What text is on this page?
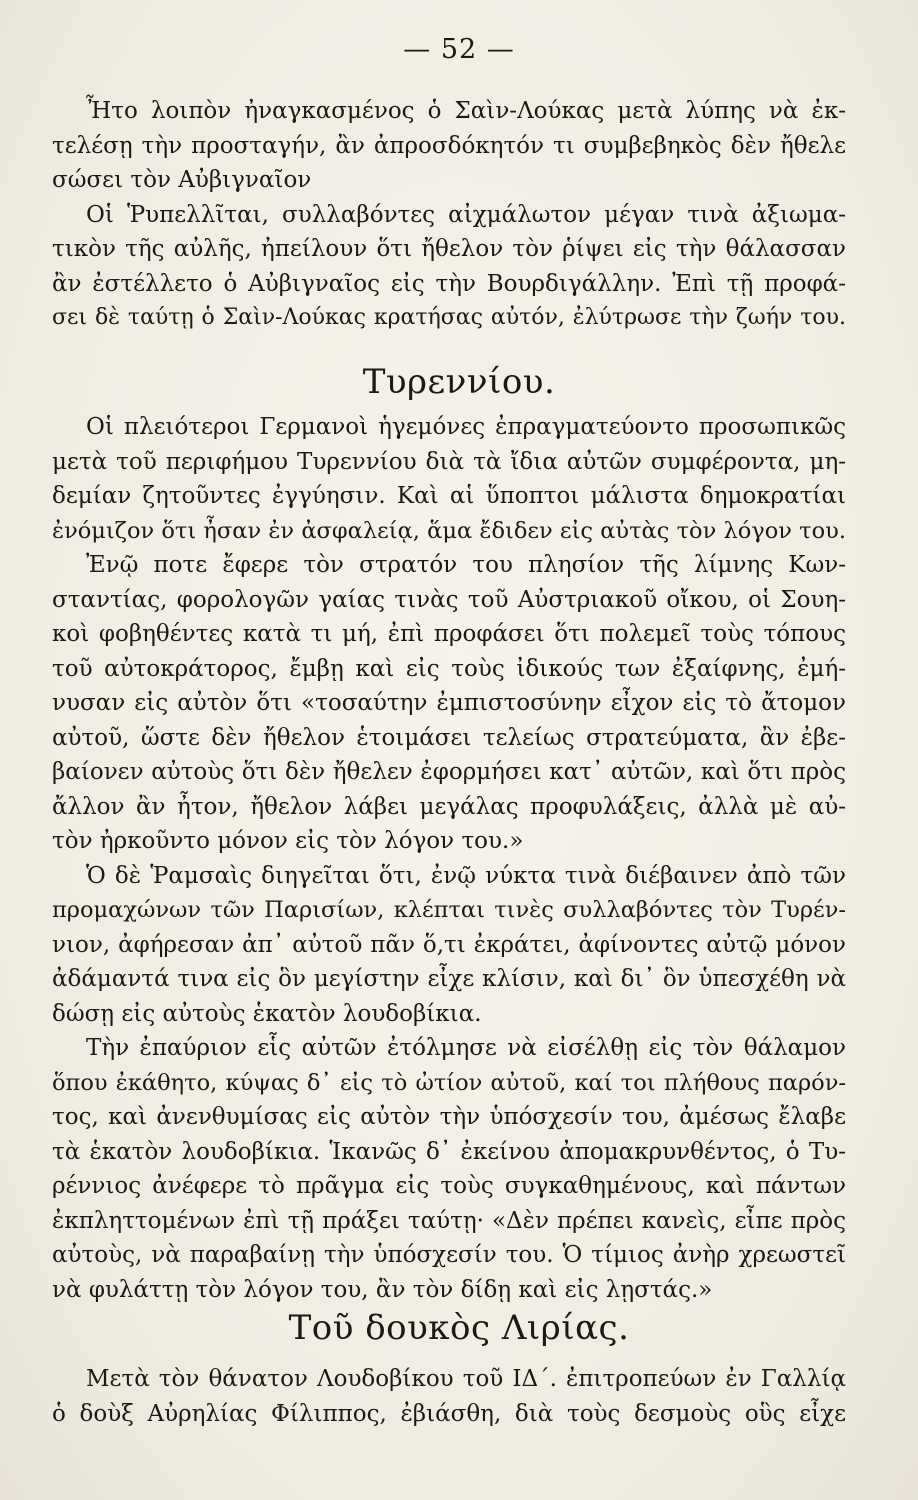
— 52 —
Ἦτο λοιπὸν ἠναγκασμένος ὁ Σαὶν-Λούκας μετὰ λύπης νὰ ἐκ-
τελέσῃ τὴν προσταγήν, ἂν ἀπροσδόκητόν τι συμβεβηκὸς δὲν ἤθελε
σώσει τὸν Αὐβιγναῖον
Οἱ Ῥυπελλῖται, συλλαβόντες αἰχμάλωτον μέγαν τινὰ ἀξιωμα-
τικὸν τῆς αὐλῆς, ἠπείλουν ὅτι ἤθελον τὸν ῥίψει εἰς τὴν θάλασσαν
ἂν ἐστέλλετο ὁ Αὐβιγναῖος εἰς τὴν Βουρδιγάλλην. Ἐπὶ τῇ προφά-
σει δὲ ταύτῃ ὁ Σαὶν-Λούκας κρατήσας αὐτόν, ἐλύτρωσε τὴν ζωήν του.
Τυρεννίου.
Οἱ πλειότεροι Γερμανοὶ ἡγεμόνες ἐπραγματεύοντο προσωπικῶς
μετὰ τοῦ περιφήμου Τυρεννίου διὰ τὰ ἴδια αὐτῶν συμφέροντα, μη-
δεμίαν ζητοῦντες ἐγγύησιν. Καὶ αἱ ὕποπτοι μάλιστα δημοκρατίαι
ἐνόμιζον ὅτι ἦσαν ἐν ἀσφαλείᾳ, ἅμα ἔδιδεν εἰς αὐτὰς τὸν λόγον του.
Ἐνῷ ποτε ἔφερε τὸν στρατόν του πλησίον τῆς λίμνης Κων-
σταντίας, φορολογῶν γαίας τινὰς τοῦ Αὐστριακοῦ οἴκου, οἱ Σουη-
κοὶ φοβηθέντες κατὰ τι μή, ἐπὶ προφάσει ὅτι πολεμεῖ τοὺς τόπους
τοῦ αὐτοκράτορος, ἔμβῃ καὶ εἰς τοὺς ἰδικούς των ἐξαίφνης, ἐμή-
νυσαν εἰς αὐτὸν ὅτι «τοσαύτην ἐμπιστοσύνην εἶχον εἰς τὸ ἄτομον
αὐτοῦ, ὥστε δὲν ἤθελον ἑτοιμάσει τελείως στρατεύματα, ἂν ἐβε-
βαίονεν αὐτοὺς ὅτι δὲν ἤθελεν ἐφορμήσει κατ᾽ αὐτῶν, καὶ ὅτι πρὸς
ἄλλον ἂν ἦτον, ἤθελον λάβει μεγάλας προφυλάξεις, ἀλλὰ μὲ αὐ-
τὸν ἠρκοῦντο μόνον εἰς τὸν λόγον του.»
Ὁ δὲ Ῥαμσαὶς διηγεῖται ὅτι, ἐνῷ νύκτα τινὰ διέβαινεν ἀπὸ τῶν
προμαχώνων τῶν Παρισίων, κλέπται τινὲς συλλαβόντες τὸν Τυρέν-
νιον, ἀφήρεσαν ἀπ᾽ αὐτοῦ πᾶν ὅ,τι ἐκράτει, ἀφίνοντες αὐτῷ μόνον
ἀδάμαντά τινα εἰς ὃν μεγίστην εἶχε κλίσιν, καὶ δι᾽ ὃν ὑπεσχέθη νὰ
δώσῃ εἰς αὐτοὺς ἑκατὸν λουδοβίκια.
Τὴν ἐπαύριον εἷς αὐτῶν ἐτόλμησε νὰ εἰσέλθῃ εἰς τὸν θάλαμον
ὅπου ἐκάθητο, κύψας δ᾽ εἰς τὸ ὠτίον αὐτοῦ, καί τοι πλήθους παρόν-
τος, καὶ ἀνενθυμίσας εἰς αὐτὸν τὴν ὑπόσχεσίν του, ἀμέσως ἔλαβε
τὰ ἑκατὸν λουδοβίκια. Ἱκανῶς δ᾽ ἐκείνου ἀπομακρυνθέντος, ὁ Τυ-
ρέννιος ἀνέφερε τὸ πρᾶγμα εἰς τοὺς συγκαθημένους, καὶ πάντων
ἐκπληττομένων ἐπὶ τῇ πράξει ταύτῃ· «Δὲν πρέπει κανεὶς, εἶπε πρὸς
αὐτοὺς, νὰ παραβαίνῃ τὴν ὑπόσχεσίν του. Ὁ τίμιος ἀνὴρ χρεωστεῖ
νὰ φυλάττῃ τὸν λόγον του, ἂν τὸν δίδῃ καὶ εἰς λῃστάς.»
Τοῦ δουκὸς Λιρίας.
Μετὰ τὸν θάνατον Λουδοβίκου τοῦ ΙΔ΄. ἐπιτροπεύων ἐν Γαλλίᾳ
ὁ δοὺξ Αὐρηλίας Φίλιππος, ἐβιάσθη, διὰ τοὺς δεσμοὺς οὓς εἶχε
